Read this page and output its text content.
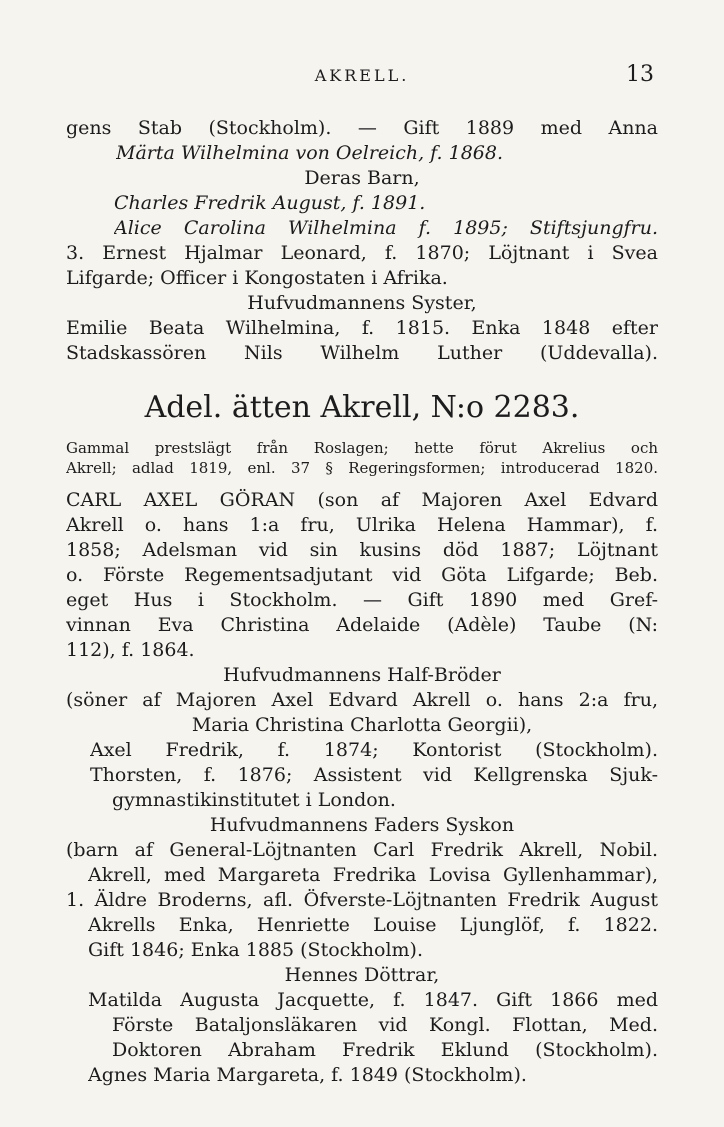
AKRELL.	13
gens Stab (Stockholm). — Gift 1889 med Anna
Märta Wilhelmina von Oelreich, f. 1868.
Deras Barn,
Charles Fredrik August, f. 1891.
Alice Carolina Wilhelmina f. 1895; Stiftsjungfru.
3. Ernest Hjalmar Leonard, f. 1870; Löjtnant i Svea
Lifgarde; Officer i Kongostaten i Afrika.
Hufvudmannens Syster,
Emilie Beata Wilhelmina, f. 1815. Enka 1848 efter
Stadskassören Nils Wilhelm Luther (Uddevalla).
Adel. ätten Akrell, N:o 2283.
Gammal prestslägt från Roslagen; hette förut Akrelius och
Akrell; adlad 1819, enl. 37 § Regeringsformen; introducerad 1820.
CARL AXEL GÖRAN (son af Majoren Axel Edvard
Akrell o. hans 1:a fru, Ulrika Helena Hammar), f.
1858; Adelsman vid sin kusins död 1887; Löjtnant
o. Förste Regementsadjutant vid Göta Lifgarde; Beb.
eget Hus i Stockholm. — Gift 1890 med Gref-
vinnan Eva Christina Adelaide (Adèle) Taube (N:
112), f. 1864.
Hufvudmannens Half-Bröder
(söner af Majoren Axel Edvard Akrell o. hans 2:a fru,
Maria Christina Charlotta Georgii),
Axel Fredrik, f. 1874; Kontorist (Stockholm).
Thorsten, f. 1876; Assistent vid Kellgrenska Sjuk-
gymnastikinstitutet i London.
Hufvudmannens Faders Syskon
(barn af General-Löjtnanten Carl Fredrik Akrell, Nobil.
Akrell, med Margareta Fredrika Lovisa Gyllenhammar),
1. Äldre Broderns, afl. Öfverste-Löjtnanten Fredrik August
Akrells Enka, Henriette Louise Ljunglöf, f. 1822.
Gift 1846; Enka 1885 (Stockholm).
Hennes Döttrar,
Matilda Augusta Jacquette, f. 1847. Gift 1866 med
Förste Bataljonsläkaren vid Kongl. Flottan, Med.
Doktoren Abraham Fredrik Eklund (Stockholm).
Agnes Maria Margareta, f. 1849 (Stockholm).
